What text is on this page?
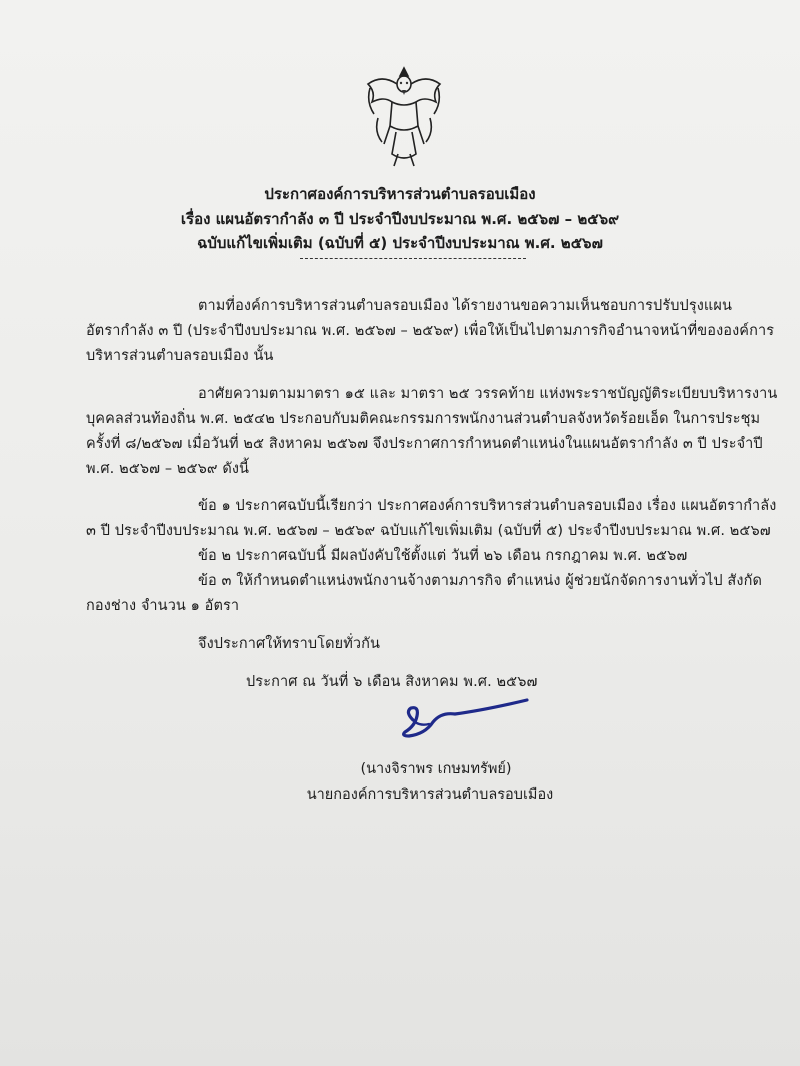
ประกาศองค์การบริหารส่วนตำบลรอบเมือง
เรื่อง แผนอัตรากำลัง ๓ ปี ประจำปีงบประมาณ พ.ศ. ๒๕๖๗ – ๒๕๖๙
ฉบับแก้ไขเพิ่มเติม (ฉบับที่ ๕) ประจำปีงบประมาณ พ.ศ. ๒๕๖๗
ตามที่องค์การบริหารส่วนตำบลรอบเมือง ได้รายงานขอความเห็นชอบการปรับปรุงแผน
อัตรากำลัง ๓ ปี (ประจำปีงบประมาณ พ.ศ. ๒๕๖๗ – ๒๕๖๙) เพื่อให้เป็นไปตามภารกิจอำนาจหน้าที่ขององค์การ
บริหารส่วนตำบลรอบเมือง นั้น
อาศัยความตามมาตรา ๑๕ และ มาตรา ๒๕ วรรคท้าย แห่งพระราชบัญญัติระเบียบบริหารงาน
บุคคลส่วนท้องถิ่น พ.ศ. ๒๕๔๒ ประกอบกับมติคณะกรรมการพนักงานส่วนตำบลจังหวัดร้อยเอ็ด ในการประชุม
ครั้งที่ ๘/๒๕๖๗ เมื่อวันที่ ๒๕ สิงหาคม ๒๕๖๗ จึงประกาศการกำหนดตำแหน่งในแผนอัตรากำลัง ๓ ปี ประจำปี
พ.ศ. ๒๕๖๗ – ๒๕๖๙ ดังนี้
ข้อ ๑ ประกาศฉบับนี้เรียกว่า ประกาศองค์การบริหารส่วนตำบลรอบเมือง เรื่อง แผนอัตรากำลัง
๓ ปี ประจำปีงบประมาณ พ.ศ. ๒๕๖๗ – ๒๕๖๙ ฉบับแก้ไขเพิ่มเติม (ฉบับที่ ๕) ประจำปีงบประมาณ พ.ศ. ๒๕๖๗
ข้อ ๒ ประกาศฉบับนี้ มีผลบังคับใช้ตั้งแต่ วันที่ ๒๖ เดือน กรกฎาคม พ.ศ. ๒๕๖๗
ข้อ ๓ ให้กำหนดตำแหน่งพนักงานจ้างตามภารกิจ ตำแหน่ง ผู้ช่วยนักจัดการงานทั่วไป สังกัด
กองช่าง จำนวน ๑ อัตรา
จึงประกาศให้ทราบโดยทั่วกัน
ประกาศ ณ วันที่ ๖ เดือน สิงหาคม พ.ศ. ๒๕๖๗
(นางจิราพร เกษมทรัพย์)
นายกองค์การบริหารส่วนตำบลรอบเมือง
